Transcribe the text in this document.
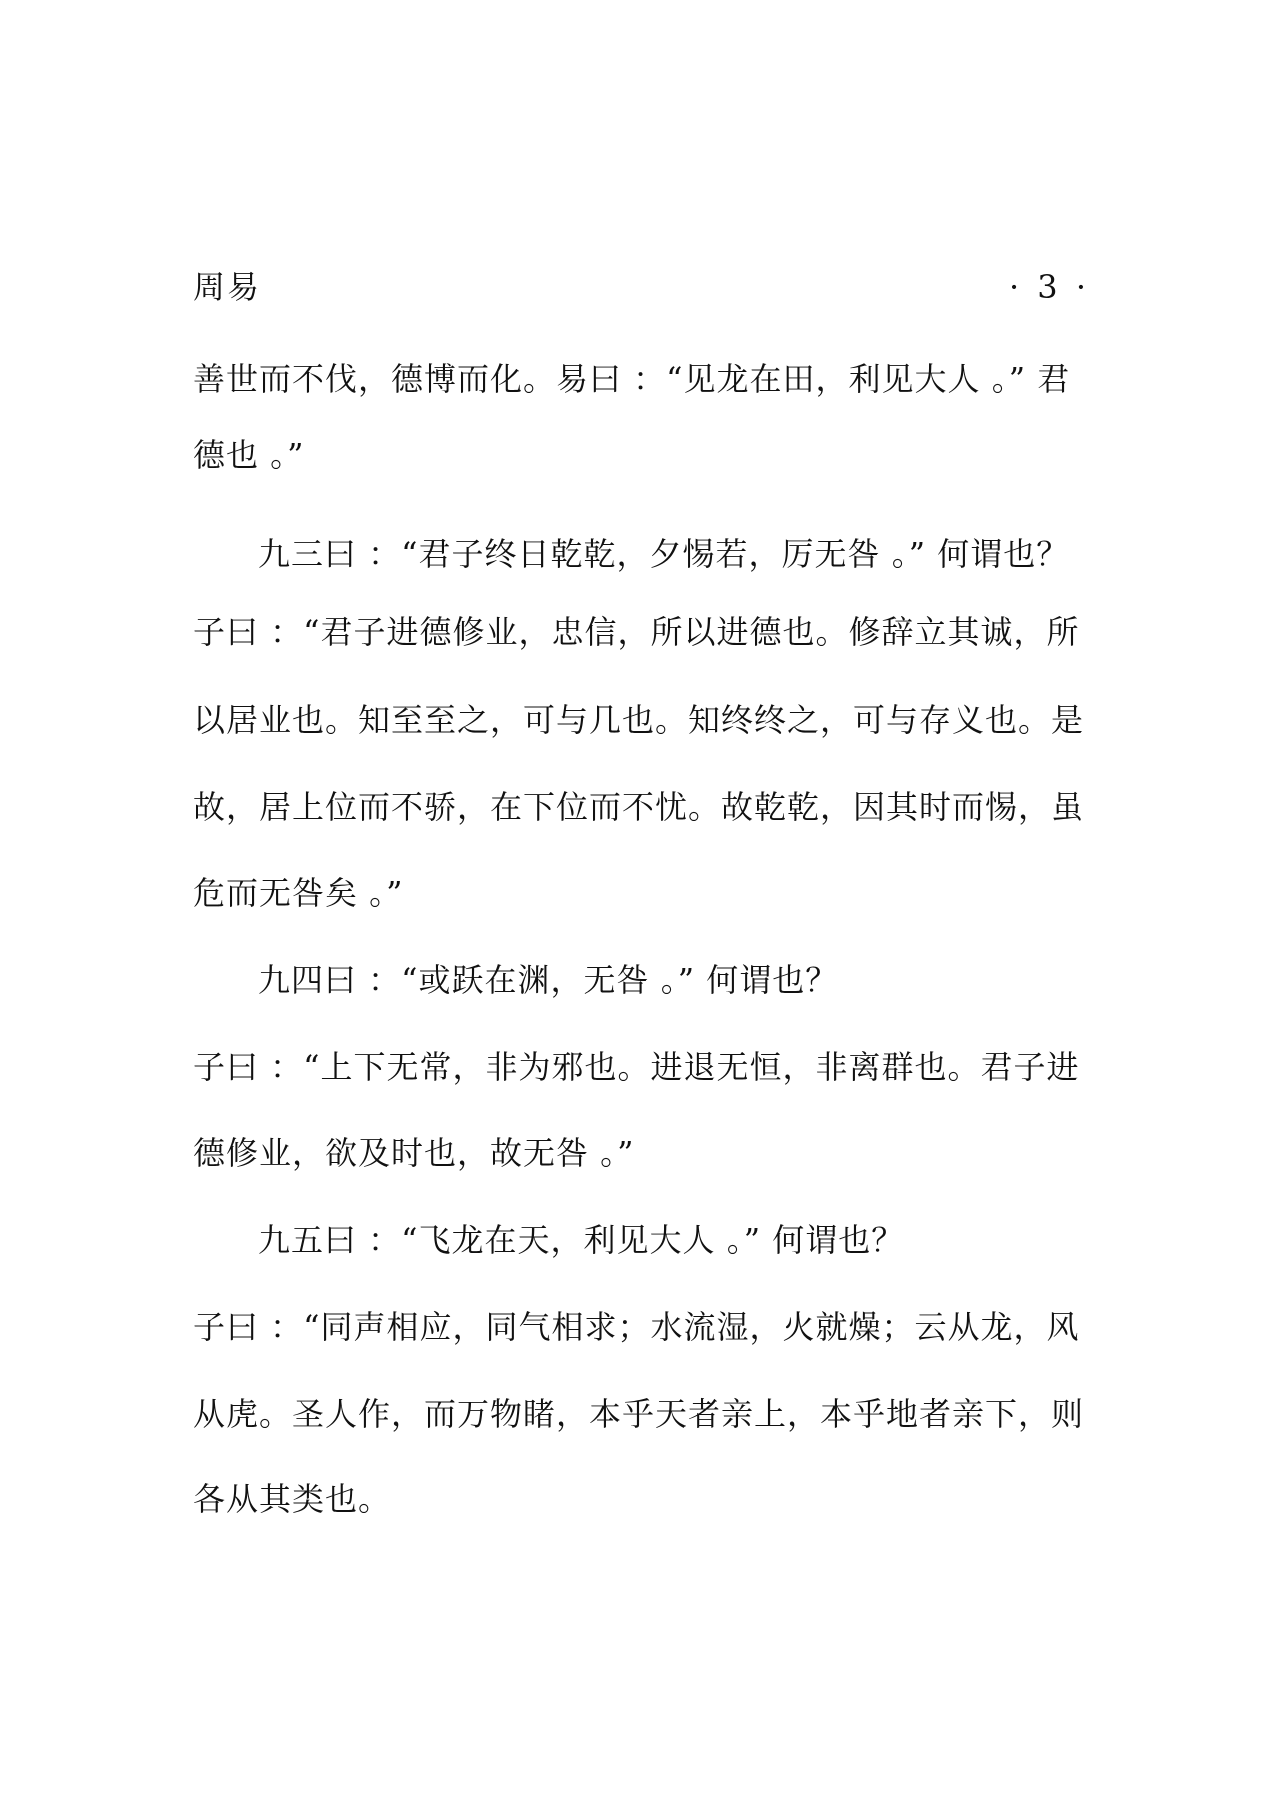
周易	· 3 ·
善世而不伐，德博而化。易曰 ：“见龙在田，利见大人 。” 君
德也 。”
九三曰 ：“君子终日乾乾，夕惕若，厉无咎 。” 何谓也？
子曰 ：“君子进德修业，忠信，所以进德也。修辞立其诚，所
以居业也。知至至之，可与几也。知终终之，可与存义也。是
故，居上位而不骄，在下位而不忧。故乾乾，因其时而惕，虽
危而无咎矣 。”
九四曰 ：“或跃在渊，无咎 。” 何谓也？
子曰 ：“上下无常，非为邪也。进退无恒，非离群也。君子进
德修业，欲及时也，故无咎 。”
九五曰 ：“飞龙在天，利见大人 。” 何谓也？
子曰 ：“同声相应，同气相求；水流湿，火就燥；云从龙，风
从虎。圣人作，而万物睹，本乎天者亲上，本乎地者亲下，则
各从其类也。
